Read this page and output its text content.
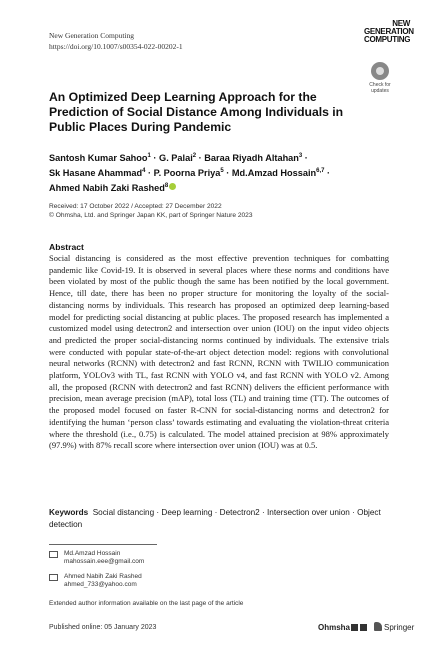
New Generation Computing
https://doi.org/10.1007/s00354-022-00202-1
NEW
GENERATION
COMPUTING
Check for
updates
An Optimized Deep Learning Approach for the Prediction of Social Distance Among Individuals in Public Places During Pandemic
Santosh Kumar Sahoo$^1$ · G. Palai$^2$ · Baraa Riyadh Altahan$^3$ ·
Sk Hasane Ahammad$^4$ · P. Poorna Priya$^5$ · Md.Amzad Hossain$^{6,7}$ ·
Ahmed Nabih Zaki Rashed$^8$
Received: 17 October 2022 / Accepted: 27 December 2022
© Ohmsha, Ltd. and Springer Japan KK, part of Springer Nature 2023
Abstract
Social distancing is considered as the most effective prevention techniques for combatting pandemic like Covid-19. It is observed in several places where these norms and conditions have been violated by most of the public though the same has been notified by the local government. Hence, till date, there has been no proper structure for monitoring the loyalty of the social-distancing norms by individuals. This research has proposed an optimized deep learning-based model for predicting social distancing at public places. The proposed research has implemented a customized model using detectron2 and intersection over union (IOU) on the input video objects and predicted the proper social-distancing norms continued by individuals. The extensive trials were conducted with popular state-of-the-art object detection model: regions with convolutional neural networks (RCNN) with detectron2 and fast RCNN, RCNN with TWILIO communication platform, YOLOv3 with TL, fast RCNN with YOLO v4, and fast RCNN with YOLO v2. Among all, the proposed (RCNN with detectron2 and fast RCNN) delivers the efficient performance with precision, mean average precision (mAP), total loss (TL) and training time (TT). The outcomes of the proposed model focused on faster R-CNN for social-distancing norms and detectron2 for identifying the human ‘person class’ towards estimating and evaluating the violation-threat criteria where the threshold (i.e., 0.75) is calculated. The model attained precision at 98% approximately (97.9%) with 87% recall score where intersection over union (IOU) was at 0.5.
Keywords Social distancing · Deep learning · Detectron2 · Intersection over union · Object detection
Md.Amzad Hossain
mahossain.eee@gmail.com
Ahmed Nabih Zaki Rashed
ahmed_733@yahoo.com
Extended author information available on the last page of the article
Published online: 05 January 2023	Ohmsha	Springer
